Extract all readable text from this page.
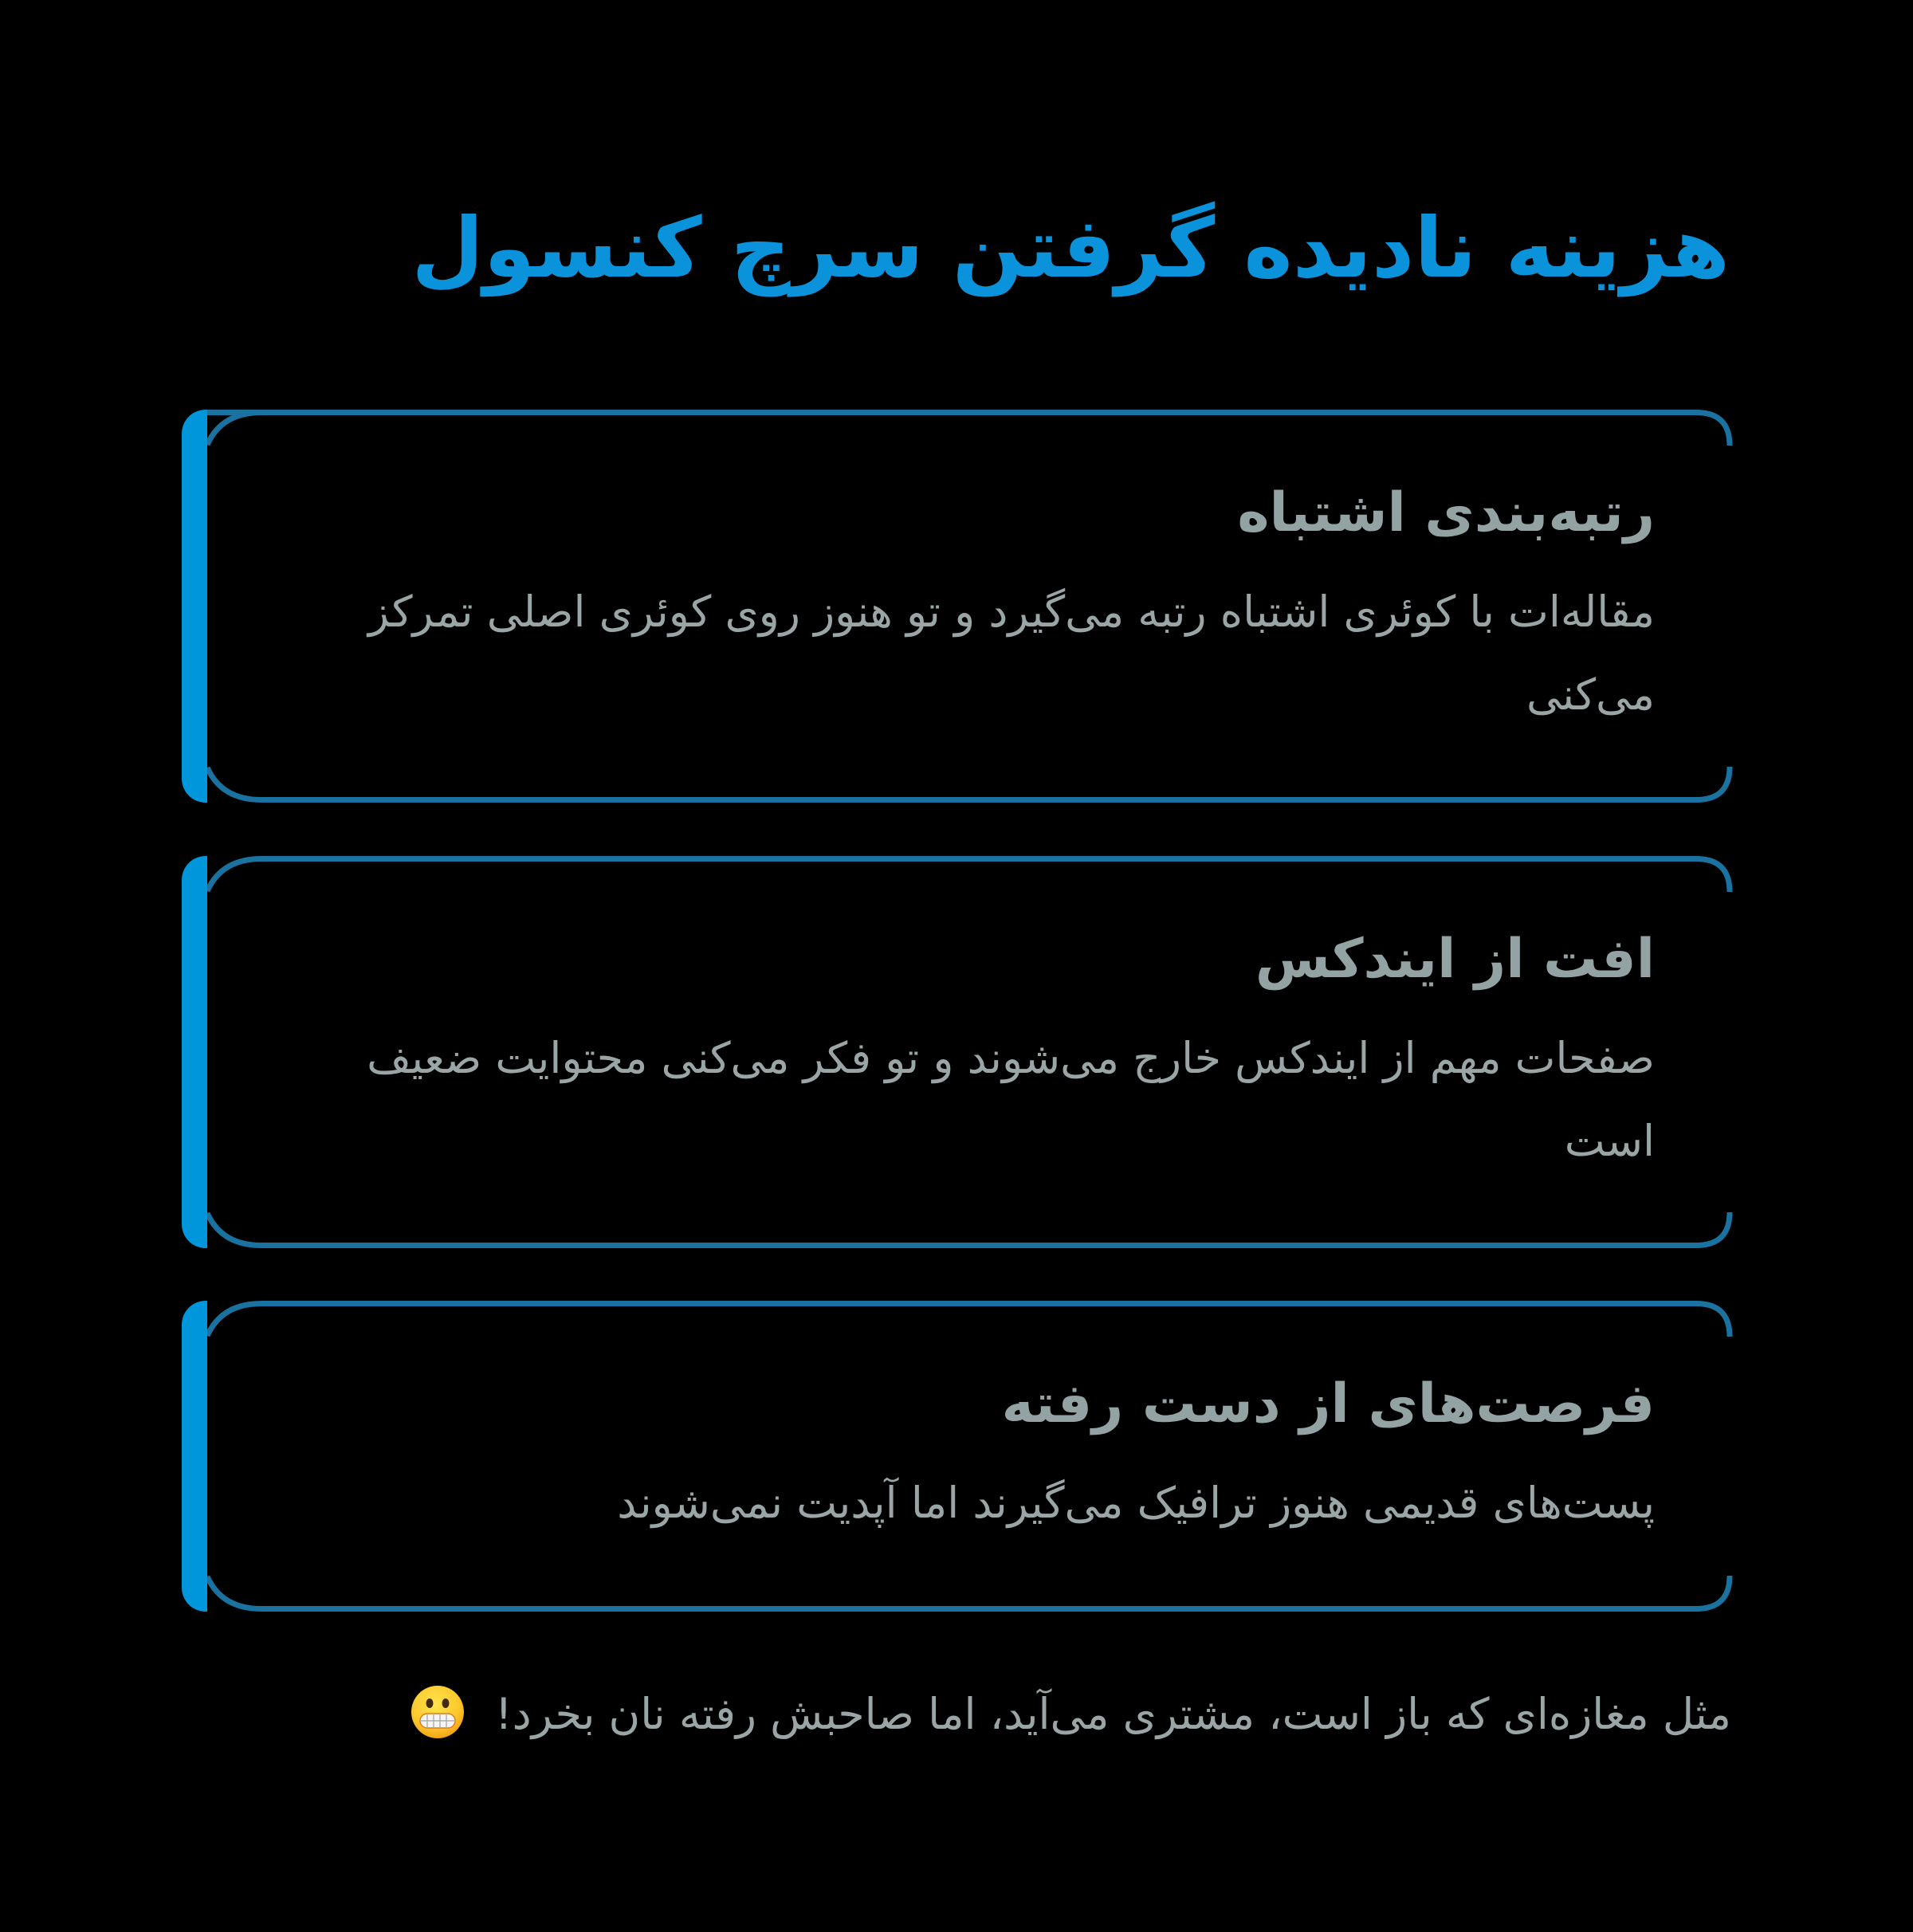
هزینه نادیده گرفتن سرچ کنسول
رتبه‌بندی اشتباه

مقاله‌ات با کوئری اشتباه رتبه می‌گیرد و تو هنوز روی کوئری اصلی تمرکز می‌کنی

افت از ایندکس

صفحات مهم از ایندکس خارج می‌شوند و تو فکر می‌کنی محتوایت ضعیف است

فرصت‌های از دست رفته

پست‌های قدیمی هنوز ترافیک می‌گیرند اما آپدیت نمی‌شوند

مثل مغازه‌ای که باز است، مشتری می‌آید، اما صاحبش رفته نان بخرد!
